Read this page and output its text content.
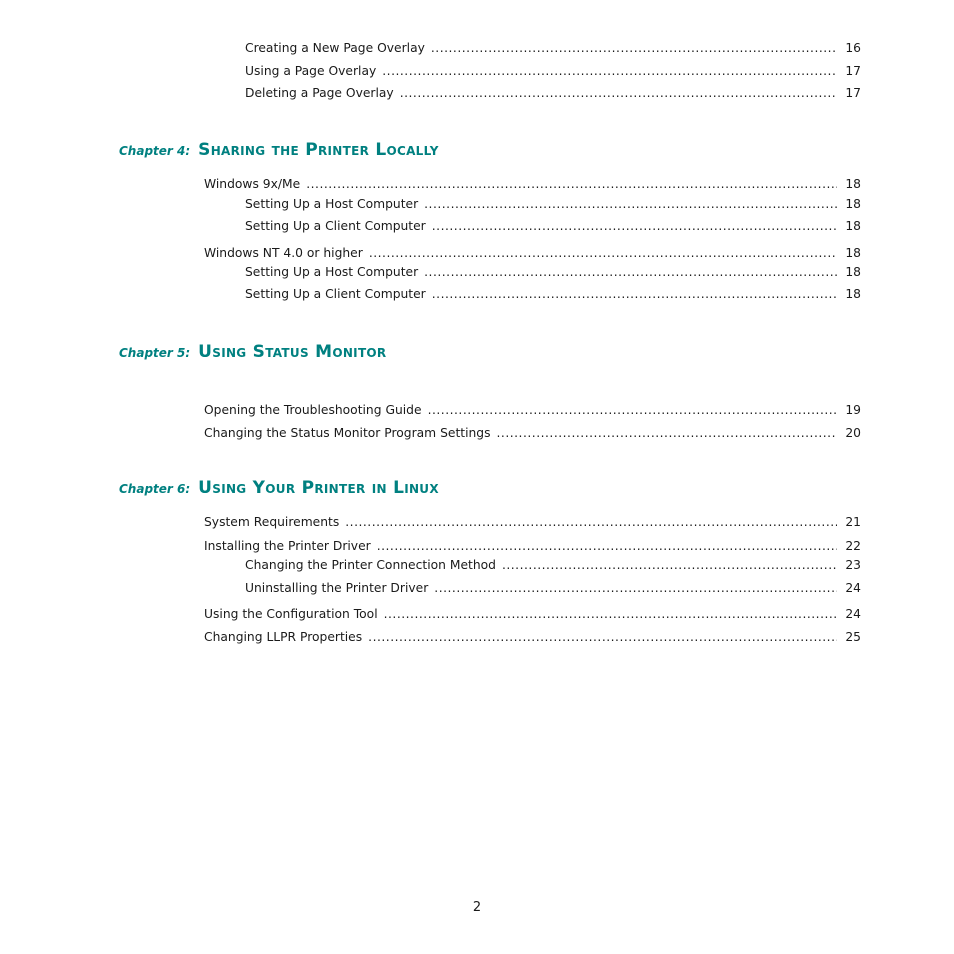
Creating a New Page Overlay .....	16
Using a Page Overlay .....	17
Deleting a Page Overlay .....	17
Chapter 4: Sharing the Printer Locally
Windows 9x/Me .....	18
Setting Up a Host Computer .....	18
Setting Up a Client Computer .....	18
Windows NT 4.0 or higher .....	18
Setting Up a Host Computer .....	18
Setting Up a Client Computer .....	18
Chapter 5: Using Status Monitor
Opening the Troubleshooting Guide .....	19
Changing the Status Monitor Program Settings .....	20
Chapter 6: Using Your Printer in Linux
System Requirements .....	21
Installing the Printer Driver .....	22
Changing the Printer Connection Method .....	23
Uninstalling the Printer Driver .....	24
Using the Configuration Tool .....	24
Changing LLPR Properties .....	25
2
